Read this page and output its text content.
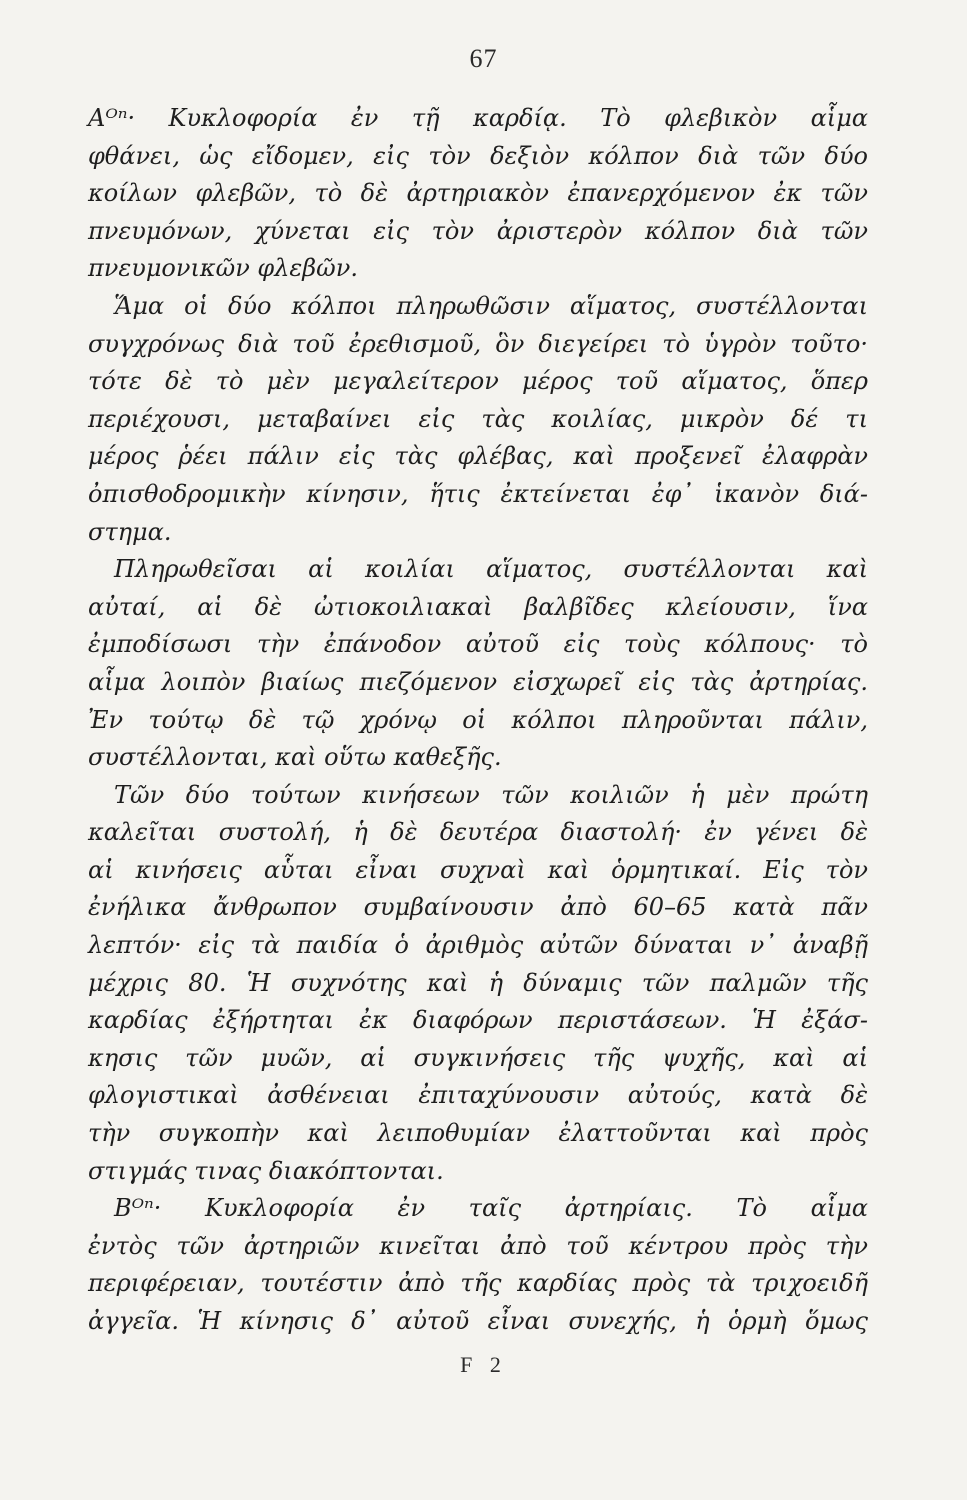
67
Αᴼⁿ· Κυκλοφορία ἐν τῇ καρδίᾳ. Τὸ φλεβικὸν αἷμα
φθάνει, ὡς εἴδομεν, εἰς τὸν δεξιὸν κόλπον διὰ τῶν δύο
κοίλων φλεβῶν, τὸ δὲ ἀρτηριακὸν ἐπανερχόμενον ἐκ τῶν
πνευμόνων, χύνεται εἰς τὸν ἀριστερὸν κόλπον διὰ τῶν
πνευμονικῶν φλεβῶν.
Ἅμα οἱ δύο κόλποι πληρωθῶσιν αἵματος, συστέλλονται
συγχρόνως διὰ τοῦ ἐρεθισμοῦ, ὃν διεγείρει τὸ ὑγρὸν τοῦτο·
τότε δὲ τὸ μὲν μεγαλείτερον μέρος τοῦ αἵματος, ὅπερ
περιέχουσι, μεταβαίνει εἰς τὰς κοιλίας, μικρὸν δέ τι
μέρος ῥέει πάλιν εἰς τὰς φλέβας, καὶ προξενεῖ ἐλαφρὰν
ὀπισθοδρομικὴν κίνησιν, ἥτις ἐκτείνεται ἐφ᾽ ἱκανὸν διά-
στημα.
Πληρωθεῖσαι αἱ κοιλίαι αἵματος, συστέλλονται καὶ
αὐταί, αἱ δὲ ὠτιοκοιλιακαὶ βαλβῖδες κλείουσιν, ἵνα
ἐμποδίσωσι τὴν ἐπάνοδον αὐτοῦ εἰς τοὺς κόλπους· τὸ
αἷμα λοιπὸν βιαίως πιεζόμενον εἰσχωρεῖ εἰς τὰς ἀρτηρίας.
Ἐν τούτῳ δὲ τῷ χρόνῳ οἱ κόλποι πληροῦνται πάλιν,
συστέλλονται, καὶ οὕτω καθεξῆς.
Τῶν δύο τούτων κινήσεων τῶν κοιλιῶν ἡ μὲν πρώτη
καλεῖται συστολή, ἡ δὲ δευτέρα διαστολή· ἐν γένει δὲ
αἱ κινήσεις αὗται εἶναι συχναὶ καὶ ὁρμητικαί. Εἰς τὸν
ἐνήλικα ἄνθρωπον συμβαίνουσιν ἀπὸ 60–65 κατὰ πᾶν
λεπτόν· εἰς τὰ παιδία ὁ ἀριθμὸς αὐτῶν δύναται ν᾽ ἀναβῇ
μέχρις 80. Ἡ συχνότης καὶ ἡ δύναμις τῶν παλμῶν τῆς
καρδίας ἐξήρτηται ἐκ διαφόρων περιστάσεων. Ἡ ἐξάσ-
κησις τῶν μυῶν, αἱ συγκινήσεις τῆς ψυχῆς, καὶ αἱ
φλογιστικαὶ ἀσθένειαι ἐπιταχύνουσιν αὐτούς, κατὰ δὲ
τὴν συγκοπὴν καὶ λειποθυμίαν ἐλαττοῦνται καὶ πρὸς
στιγμάς τινας διακόπτονται.
Βᴼⁿ· Κυκλοφορία ἐν ταῖς ἀρτηρίαις. Τὸ αἷμα
ἐντὸς τῶν ἀρτηριῶν κινεῖται ἀπὸ τοῦ κέντρου πρὸς τὴν
περιφέρειαν, τουτέστιν ἀπὸ τῆς καρδίας πρὸς τὰ τριχοειδῆ
ἀγγεῖα. Ἡ κίνησις δ᾽ αὐτοῦ εἶναι συνεχής, ἡ ὁρμὴ ὅμως
F 2
